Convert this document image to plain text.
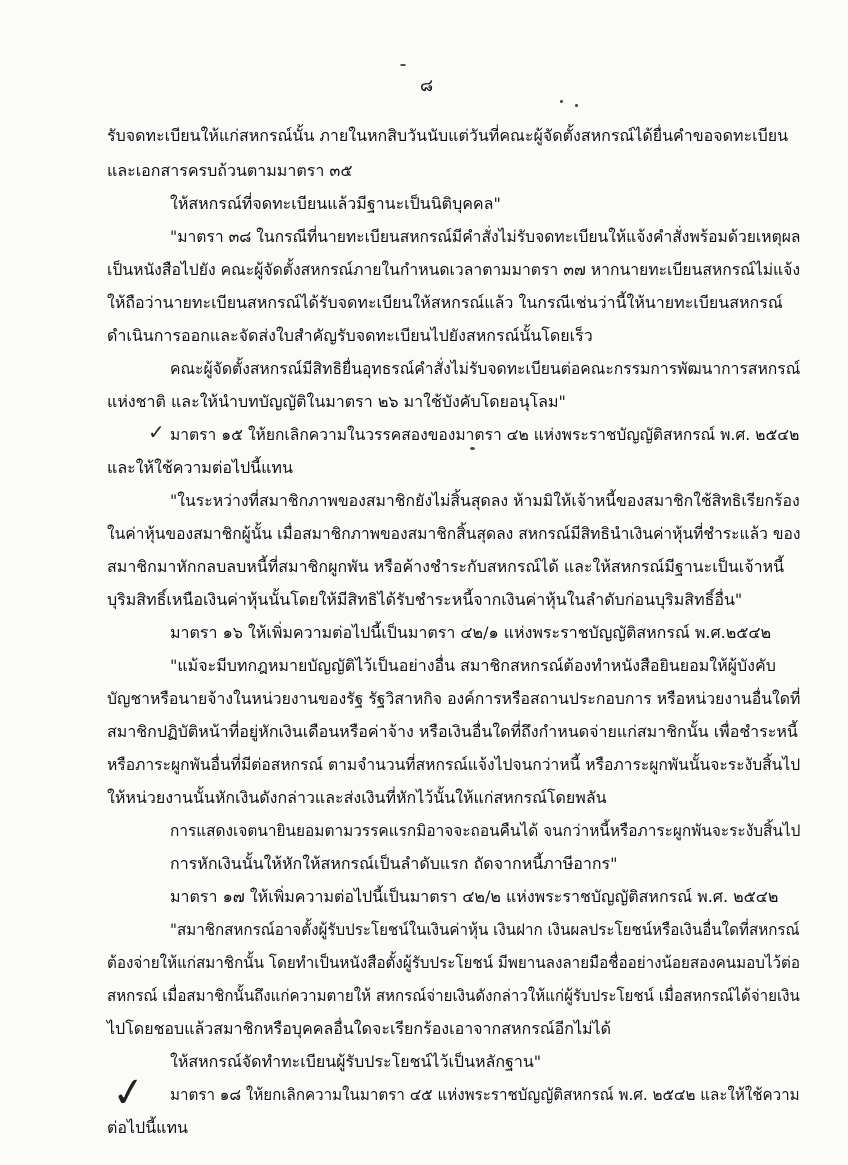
๘
รับจดทะเบียนให้แก่สหกรณ์นั้น ภายในหกสิบวันนับแต่วันที่คณะผู้จัดตั้งสหกรณ์ได้ยื่นคำขอจดทะเบียน
และเอกสารครบถ้วนตามมาตรา ๓๕
ให้สหกรณ์ที่จดทะเบียนแล้วมีฐานะเป็นนิติบุคคล"
"มาตรา ๓๘ ในกรณีที่นายทะเบียนสหกรณ์มีคำสั่งไม่รับจดทะเบียนให้แจ้งคำสั่งพร้อมด้วยเหตุผล
เป็นหนังสือไปยัง คณะผู้จัดตั้งสหกรณ์ภายในกำหนดเวลาตามมาตรา ๓๗ หากนายทะเบียนสหกรณ์ไม่แจ้ง
ให้ถือว่านายทะเบียนสหกรณ์ได้รับจดทะเบียนให้สหกรณ์แล้ว ในกรณีเช่นว่านี้ให้นายทะเบียนสหกรณ์
ดำเนินการออกและจัดส่งใบสำคัญรับจดทะเบียนไปยังสหกรณ์นั้นโดยเร็ว
คณะผู้จัดตั้งสหกรณ์มีสิทธิยื่นอุทธรณ์คำสั่งไม่รับจดทะเบียนต่อคณะกรรมการพัฒนาการสหกรณ์
แห่งชาติ และให้นำบทบัญญัติในมาตรา ๒๖ มาใช้บังคับโดยอนุโลม"
✓ มาตรา ๑๕ ให้ยกเลิกความในวรรคสองของมาตรา ๔๒ แห่งพระราชบัญญัติสหกรณ์ พ.ศ. ๒๕๔๒
และให้ใช้ความต่อไปนี้แทน
"ในระหว่างที่สมาชิกภาพของสมาชิกยังไม่สิ้นสุดลง ห้ามมิให้เจ้าหนี้ของสมาชิกใช้สิทธิเรียกร้อง
ในค่าหุ้นของสมาชิกผู้นั้น เมื่อสมาชิกภาพของสมาชิกสิ้นสุดลง สหกรณ์มีสิทธินำเงินค่าหุ้นที่ชำระแล้ว ของ
สมาชิกมาหักกลบลบหนี้ที่สมาชิกผูกพัน หรือค้างชำระกับสหกรณ์ได้ และให้สหกรณ์มีฐานะเป็นเจ้าหนี้
บุริมสิทธิ์เหนือเงินค่าหุ้นนั้นโดยให้มีสิทธิได้รับชำระหนี้จากเงินค่าหุ้นในลำดับก่อนบุริมสิทธิ์อื่น"
มาตรา ๑๖ ให้เพิ่มความต่อไปนี้เป็นมาตรา ๔๒/๑ แห่งพระราชบัญญัติสหกรณ์ พ.ศ.๒๕๔๒
"แม้จะมีบทกฎหมายบัญญัติไว้เป็นอย่างอื่น สมาชิกสหกรณ์ต้องทำหนังสือยินยอมให้ผู้บังคับ
บัญชาหรือนายจ้างในหน่วยงานของรัฐ รัฐวิสาหกิจ องค์การหรือสถานประกอบการ หรือหน่วยงานอื่นใดที่
สมาชิกปฏิบัติหน้าที่อยู่หักเงินเดือนหรือค่าจ้าง หรือเงินอื่นใดที่ถึงกำหนดจ่ายแก่สมาชิกนั้น เพื่อชำระหนี้
หรือภาระผูกพันอื่นที่มีต่อสหกรณ์ ตามจำนวนที่สหกรณ์แจ้งไปจนกว่าหนี้ หรือภาระผูกพันนั้นจะระงับสิ้นไป
ให้หน่วยงานนั้นหักเงินดังกล่าวและส่งเงินที่หักไว้นั้นให้แก่สหกรณ์โดยพลัน
การแสดงเจตนายินยอมตามวรรคแรกมิอาจจะถอนคืนได้ จนกว่าหนี้หรือภาระผูกพันจะระงับสิ้นไป
การหักเงินนั้นให้หักให้สหกรณ์เป็นลำดับแรก ถัดจากหนี้ภาษีอากร"
มาตรา ๑๗ ให้เพิ่มความต่อไปนี้เป็นมาตรา ๔๒/๒ แห่งพระราชบัญญัติสหกรณ์ พ.ศ. ๒๕๔๒
"สมาชิกสหกรณ์อาจตั้งผู้รับประโยชน์ในเงินค่าหุ้น เงินฝาก เงินผลประโยชน์หรือเงินอื่นใดที่สหกรณ์
ต้องจ่ายให้แก่สมาชิกนั้น โดยทำเป็นหนังสือตั้งผู้รับประโยชน์ มีพยานลงลายมือชื่ออย่างน้อยสองคนมอบไว้ต่อ
สหกรณ์ เมื่อสมาชิกนั้นถึงแก่ความตายให้ สหกรณ์จ่ายเงินดังกล่าวให้แก่ผู้รับประโยชน์ เมื่อสหกรณ์ได้จ่ายเงิน
ไปโดยชอบแล้วสมาชิกหรือบุคคลอื่นใดจะเรียกร้องเอาจากสหกรณ์อีกไม่ได้
ให้สหกรณ์จัดทำทะเบียนผู้รับประโยชน์ไว้เป็นหลักฐาน"
✓ มาตรา ๑๘ ให้ยกเลิกความในมาตรา ๔๕ แห่งพระราชบัญญัติสหกรณ์ พ.ศ. ๒๕๔๒ และให้ใช้ความ
ต่อไปนี้แทน
